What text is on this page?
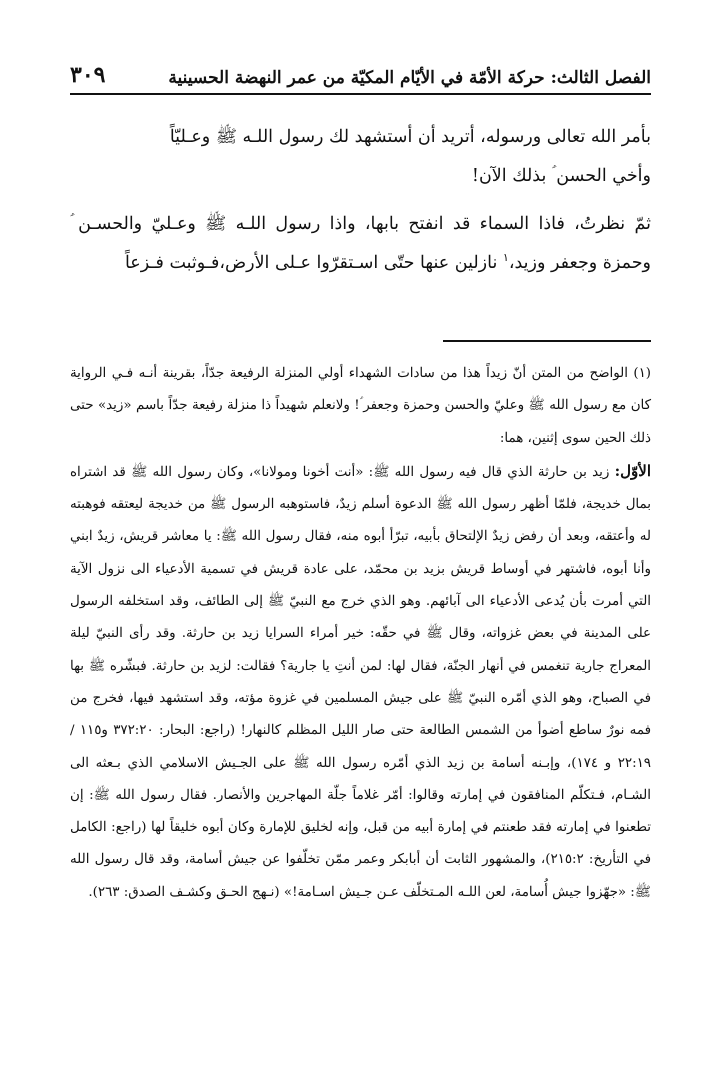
الفصل الثالث: حركة الأمّة في الأيّام المكيّة من عمر النهضة الحسينية
٣٠٩

بأمر الله تعالى ورسوله، أتريد أن أستشهد لك رسول اللـه ﷺ وعـليّاً
وأخي الحسن ؑ بذلك الآن!

ثمّ نظرتُ، فاذا السماء قد انفتح بابها، واذا رسول اللـه ﷺ وعـليّ والحسـن ؑ وحمزة وجعفر وزيد،$^١$ نازلين عنها حتّى اسـتقرّوا عـلى الأرض،فـوثبت فـزعاً

(١) الواضح من المتن أنّ زيداً هذا من سادات الشهداء أولي المنزلة الرفيعة جدّاً، بقرينة أنـه فـي الرواية كان مع رسول الله ﷺ وعليّ والحسن وحمزة وجعفر ؑ! ولانعلم شهيداً ذا منزلة رفيعة جدّاً باسم «زيد» حتى ذلك الحين سوى إثنين، هما:

الأوّل: زيد بن حارثة الذي قال فيه رسول الله ﷺ: «أنت أخونا ومولانا»، وكان رسول الله ﷺ قد اشتراه بمال خديجة، فلمّا أظهر رسول الله ﷺ الدعوة أسلم زيدٌ، فاستوهبه الرسول ﷺ من خديجة ليعتقه فوهبته له وأعتقه، وبعد أن رفض زيدٌ الإلتحاق بأبيه، تبرّأ أبوه منه، فقال رسول الله ﷺ: يا معاشر قريش، زيدٌ ابني وأنا أبوه، فاشتهر في أوساط قريش بزيد بن محمّد، على عادة قريش في تسمية الأدعياء الى نزول الآية التي أمرت بأن يُدعى الأدعياء الى آبائهم. وهو الذي خرج مع النبيّ ﷺ إلى الطائف، وقد استخلفه الرسول على المدينة في بعض غزواته، وقال ﷺ في حقّه: خير أمراء السرايا زيد بن حارثة. وقد رأى النبيّ ليلة المعراج جارية تنغمس في أنهار الجنّة، فقال لها: لمن أنتِ يا جارية؟ فقالت: لزيد بن حارثة. فبشّره ﷺ بها في الصباح، وهو الذي أمّره النبيّ ﷺ على جيش المسلمين في غزوة مؤته، وقد استشهد فيها، فخرج من فمه نورٌ ساطع أضوأ من الشمس الطالعة حتى صار الليل المظلم كالنهار! (راجع: البحار: ٣٧٢:٢٠ و١١٥ / ٢٢:١٩ و ١٧٤)، وإبـنه أسامة بن زيد الذي أمّره رسول الله ﷺ على الجـيش الاسلامي الذي بـعثه الى الشـام، فـتكلّم المنافقون في إمارته وقالوا: أمّر غلاماً جلّة المهاجرين والأنصار. فقال رسول الله ﷺ: إن تطعنوا في إمارته فقد طعنتم في إمارة أبيه من قبل، وإنه لخليق للإمارة وكان أبوه خليقاً لها (راجع: الكامل في التأريخ: ٢١٥:٢)، والمشهور الثابت أن أبابكر وعمر ممّن تخلّفوا عن جيش أسامة، وقد قال رسول الله ﷺ: «جهّزوا جيش أُسامة، لعن اللـه المـتخلّف عـن جـيش اسـامة!» (نـهج الحـق وكشـف الصدق: ٢٦٣).
